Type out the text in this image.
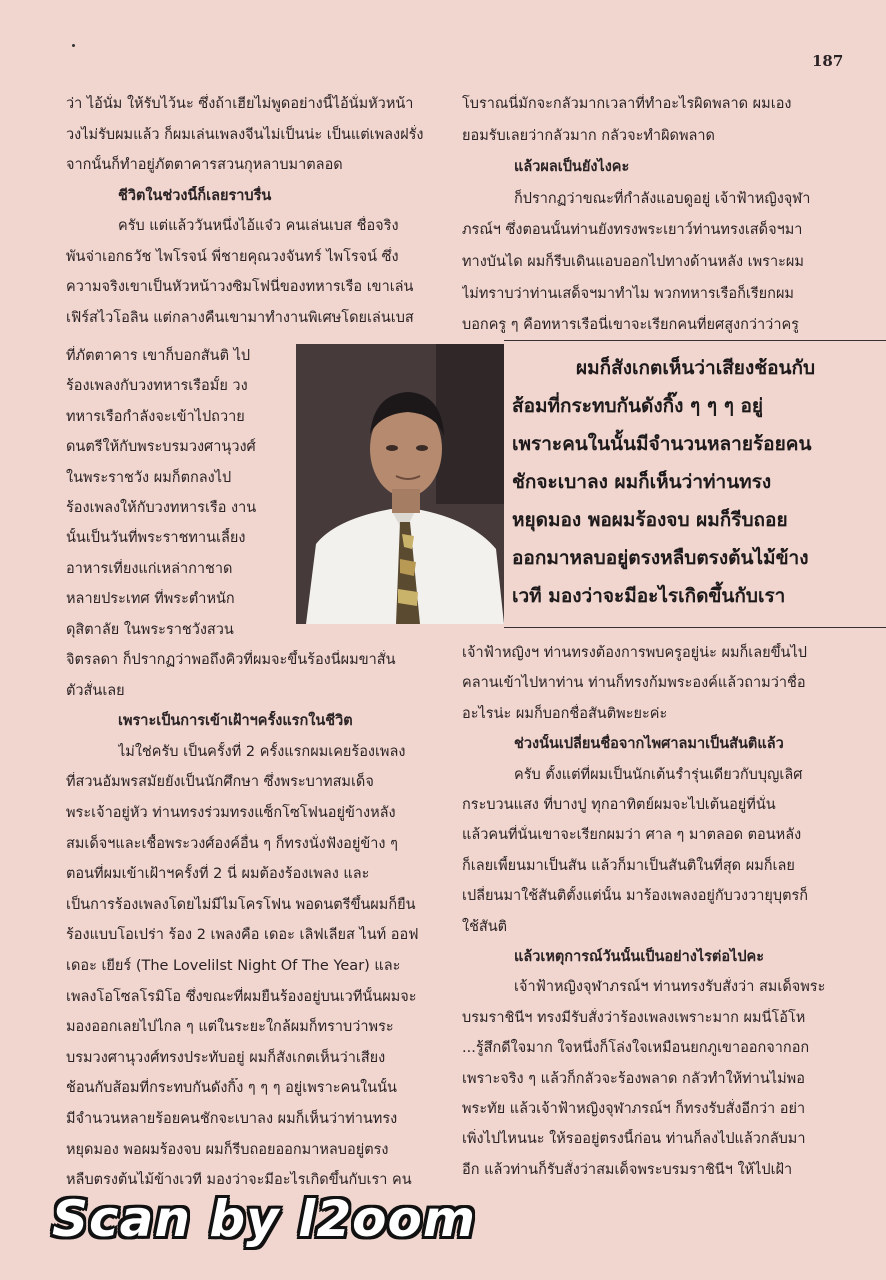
187
ว่า ไอ้นั่ม ให้รับไว้นะ ซึ่งถ้าเฮียไม่พูดอย่างนี้ไอ้นั่มหัวหน้า
วงไม่รับผมแล้ว ก็ผมเล่นเพลงจีนไม่เป็นน่ะ เป็นแต่เพลงฝรั่ง
จากนั้นก็ทำอยู่ภัตตาคารสวนกุหลาบมาตลอด
ชีวิตในช่วงนี้ก็เลยราบรื่น
ครับ แต่แล้ววันหนึ่งไอ้แจ๋ว คนเล่นเบส ชื่อจริง
พันจ่าเอกธวัช ไพโรจน์ พี่ชายคุณวงจันทร์ ไพโรจน์ ซึ่ง
ความจริงเขาเป็นหัวหน้าวงซิมโฟนี่ของทหารเรือ เขาเล่น
เฟิร์สไวโอลิน แต่กลางคืนเขามาทำงานพิเศษโดยเล่นเบส
ที่ภัตตาคาร เขาก็บอกสันติ ไป
ร้องเพลงกับวงทหารเรือมั้ย วง
ทหารเรือกำลังจะเข้าไปถวาย
ดนตรีให้กับพระบรมวงศานุวงศ์
ในพระราชวัง ผมก็ตกลงไป
ร้องเพลงให้กับวงทหารเรือ งาน
นั้นเป็นวันที่พระราชทานเลี้ยง
อาหารเที่ยงแก่เหล่ากาชาด
หลายประเทศ ที่พระตำหนัก
ดุสิตาลัย ในพระราชวังสวน
จิตรลดา ก็ปรากฏว่าพอถึงคิวที่ผมจะขึ้นร้องนี่ผมขาสั่น
ตัวสั่นเลย
เพราะเป็นการเข้าเฝ้าฯครั้งแรกในชีวิต
ไม่ใช่ครับ เป็นครั้งที่ 2 ครั้งแรกผมเคยร้องเพลง
ที่สวนอัมพรสมัยยังเป็นนักศึกษา ซึ่งพระบาทสมเด็จ
พระเจ้าอยู่หัว ท่านทรงร่วมทรงแซ็กโซโฟนอยู่ข้างหลัง
สมเด็จฯและเชื้อพระวงศ์องค์อื่น ๆ ก็ทรงนั่งฟังอยู่ข้าง ๆ
ตอนที่ผมเข้าเฝ้าฯครั้งที่ 2 นี่ ผมต้องร้องเพลง และ
เป็นการร้องเพลงโดยไม่มีไมโครโฟน พอดนตรีขึ้นผมก็ยืน
ร้องแบบโอเปร่า ร้อง 2 เพลงคือ เดอะ เลิฟเลียส ไนท์ ออฟ
เดอะ เยียร์ (The Lovelilst Night Of The Year) และ
เพลงโอโซลโรมิโอ ซึ่งขณะที่ผมยืนร้องอยู่บนเวทีนั้นผมจะ
มองออกเลยไปไกล ๆ แต่ในระยะใกล้ผมก็ทราบว่าพระ
บรมวงศานุวงศ์ทรงประทับอยู่ ผมก็สังเกตเห็นว่าเสียง
ช้อนกับส้อมที่กระทบกันดังกิ๊ง ๆ ๆ ๆ อยู่เพราะคนในนั้น
มีจำนวนหลายร้อยคนชักจะเบาลง ผมก็เห็นว่าท่านทรง
หยุดมอง พอผมร้องจบ ผมก็รีบถอยออกมาหลบอยู่ตรง
หลืบตรงต้นไม้ข้างเวที มองว่าจะมีอะไรเกิดขึ้นกับเรา คน
โบราณนี่มักจะกลัวมากเวลาที่ทำอะไรผิดพลาด ผมเอง
ยอมรับเลยว่ากลัวมาก กลัวจะทำผิดพลาด
แล้วผลเป็นยังไงคะ
ก็ปรากฏว่าขณะที่กำลังแอบดูอยู่ เจ้าฟ้าหญิงจุฬา
ภรณ์ฯ ซึ่งตอนนั้นท่านยังทรงพระเยาว์ท่านทรงเสด็จฯมา
ทางบันได ผมก็รีบเดินแอบออกไปทางด้านหลัง เพราะผม
ไม่ทราบว่าท่านเสด็จฯมาทำไม พวกทหารเรือก็เรียกผม
บอกครู ๆ คือทหารเรือนี่เขาจะเรียกคนที่ยศสูงกว่าว่าครู
เจ้าฟ้าหญิงฯ ท่านทรงต้องการพบครูอยู่น่ะ ผมก็เลยขึ้นไป
คลานเข้าไปหาท่าน ท่านก็ทรงก้มพระองค์แล้วถามว่าชื่อ
อะไรน่ะ ผมก็บอกชื่อสันติพะยะค่ะ
ช่วงนั้นเปลี่ยนชื่อจากไพศาลมาเป็นสันติแล้ว
ครับ ตั้งแต่ที่ผมเป็นนักเต้นรำรุ่นเดียวกับบุญเลิศ
กระบวนแสง ที่บางปู ทุกอาทิตย์ผมจะไปเต้นอยู่ที่นั่น
แล้วคนที่นั่นเขาจะเรียกผมว่า ศาล ๆ มาตลอด ตอนหลัง
ก็เลยเพี้ยนมาเป็นสัน แล้วก็มาเป็นสันติในที่สุด ผมก็เลย
เปลี่ยนมาใช้สันติตั้งแต่นั้น มาร้องเพลงอยู่กับวงวายุบุตรก็
ใช้สันติ
แล้วเหตุการณ์วันนั้นเป็นอย่างไรต่อไปคะ
เจ้าฟ้าหญิงจุฬาภรณ์ฯ ท่านทรงรับสั่งว่า สมเด็จพระ
บรมราชินีฯ ทรงมีรับสั่งว่าร้องเพลงเพราะมาก ผมนี่โอ้โห
...รู้สึกดีใจมาก ใจหนึ่งก็โล่งใจเหมือนยกภูเขาออกจากอก
เพราะจริง ๆ แล้วก็กลัวจะร้องพลาด กลัวทำให้ท่านไม่พอ
พระทัย แล้วเจ้าฟ้าหญิงจุฬาภรณ์ฯ ก็ทรงรับสั่งอีกว่า อย่า
เพิ่งไปไหนนะ ให้รออยู่ตรงนี้ก่อน ท่านก็ลงไปแล้วกลับมา
อีก แล้วท่านก็รับสั่งว่าสมเด็จพระบรมราชินีฯ ให้ไปเฝ้า
ผมก็สังเกตเห็นว่าเสียงช้อนกับ
ส้อมที่กระทบกันดังกิ๊ง ๆ ๆ ๆ อยู่
เพราะคนในนั้นมีจำนวนหลายร้อยคน
ชักจะเบาลง ผมก็เห็นว่าท่านทรง
หยุดมอง พอผมร้องจบ ผมก็รีบถอย
ออกมาหลบอยู่ตรงหลืบตรงต้นไม้ข้าง
เวที มองว่าจะมีอะไรเกิดขึ้นกับเรา
Scan by l2oom
